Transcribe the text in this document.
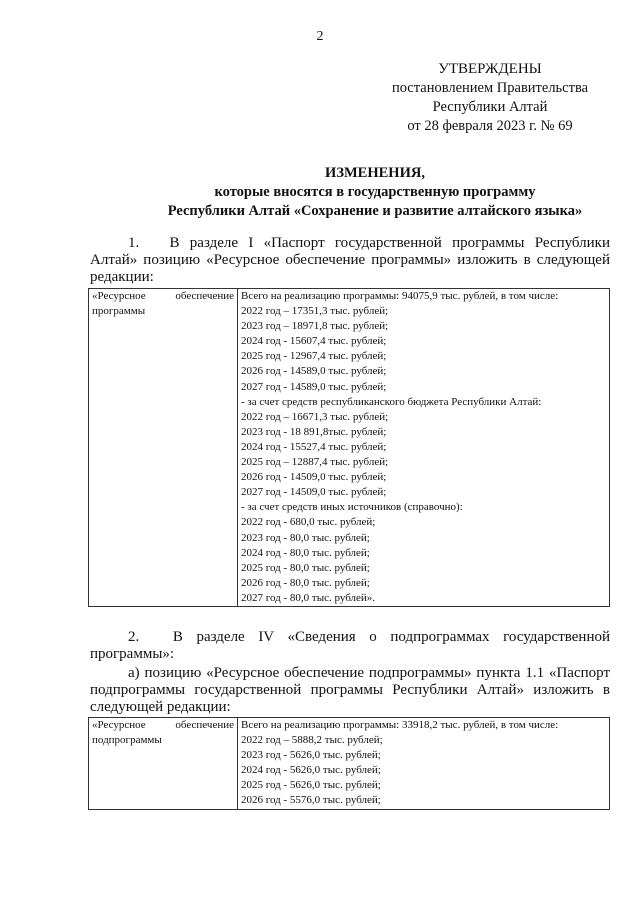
2
УТВЕРЖДЕНЫ
постановлением Правительства
Республики Алтай
от 28 февраля 2023 г. № 69
ИЗМЕНЕНИЯ,
которые вносятся в государственную программу
Республики Алтай «Сохранение и развитие алтайского языка»
1. В разделе I «Паспорт государственной программы Республики Алтай» позицию «Ресурсное обеспечение программы» изложить в следующей редакции:
«Ресурсное обеспечение программы

Всего на реализацию программы: 94075,9 тыс. рублей, в том числе:
2022 год – 17351,3 тыс. рублей;
2023 год – 18971,8 тыс. рублей;
2024 год - 15607,4 тыс. рублей;
2025 год - 12967,4 тыс. рублей;
2026 год - 14589,0 тыс. рублей;
2027 год - 14589,0 тыс. рублей;
- за счет средств республиканского бюджета Республики Алтай:
2022 год – 16671,3 тыс. рублей;
2023 год - 18 891,8тыс. рублей;
2024 год - 15527,4 тыс. рублей;
2025 год – 12887,4 тыс. рублей;
2026 год - 14509,0 тыс. рублей;
2027 год - 14509,0 тыс. рублей;
- за счет средств иных источников (справочно):
2022 год - 680,0 тыс. рублей;
2023 год - 80,0 тыс. рублей;
2024 год - 80,0 тыс. рублей;
2025 год - 80,0 тыс. рублей;
2026 год - 80,0 тыс. рублей;
2027 год - 80,0 тыс. рублей».
2. В разделе IV «Сведения о подпрограммах государственной программы»:
а) позицию «Ресурсное обеспечение подпрограммы» пункта 1.1 «Паспорт подпрограммы государственной программы Республики Алтай» изложить в следующей редакции:
«Ресурсное обеспечение подпрограммы

Всего на реализацию программы: 33918,2 тыс. рублей, в том числе:
2022 год – 5888,2 тыс. рублей;
2023 год - 5626,0 тыс. рублей;
2024 год - 5626,0 тыс. рублей;
2025 год - 5626,0 тыс. рублей;
2026 год - 5576,0 тыс. рублей;
